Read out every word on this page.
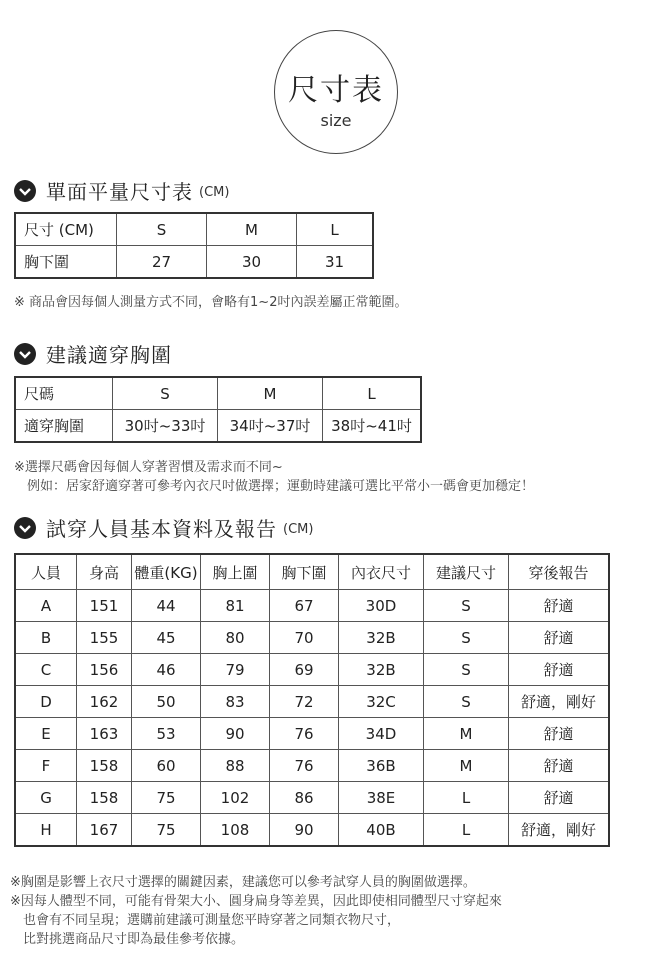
尺寸表
size
單面平量尺寸表 (CM)
尺寸 (CM)	S	M	L
胸下圍	27	30	31
※ 商品會因每個人測量方式不同，會略有1~2吋內誤差屬正常範圍。
建議適穿胸圍
尺碼	S	M	L
適穿胸圍	30吋~33吋	34吋~37吋	38吋~41吋
※選擇尺碼會因每個人穿著習慣及需求而不同~
　例如：居家舒適穿著可參考內衣尺吋做選擇；運動時建議可選比平常小一碼會更加穩定！
試穿人員基本資料及報告 (CM)
人員	身高	體重(KG)	胸上圍	胸下圍	內衣尺寸	建議尺寸	穿後報告
A	151	44	81	67	30D	S	舒適
B	155	45	80	70	32B	S	舒適
C	156	46	79	69	32B	S	舒適
D	162	50	83	72	32C	S	舒適，剛好
E	163	53	90	76	34D	M	舒適
F	158	60	88	76	36B	M	舒適
G	158	75	102	86	38E	L	舒適
H	167	75	108	90	40B	L	舒適，剛好
※胸圍是影響上衣尺寸選擇的關鍵因素，建議您可以參考試穿人員的胸圍做選擇。
※因每人體型不同，可能有骨架大小、圓身扁身等差異，因此即使相同體型尺寸穿起來
　也會有不同呈現；選購前建議可測量您平時穿著之同類衣物尺寸，
　比對挑選商品尺寸即為最佳參考依據。
